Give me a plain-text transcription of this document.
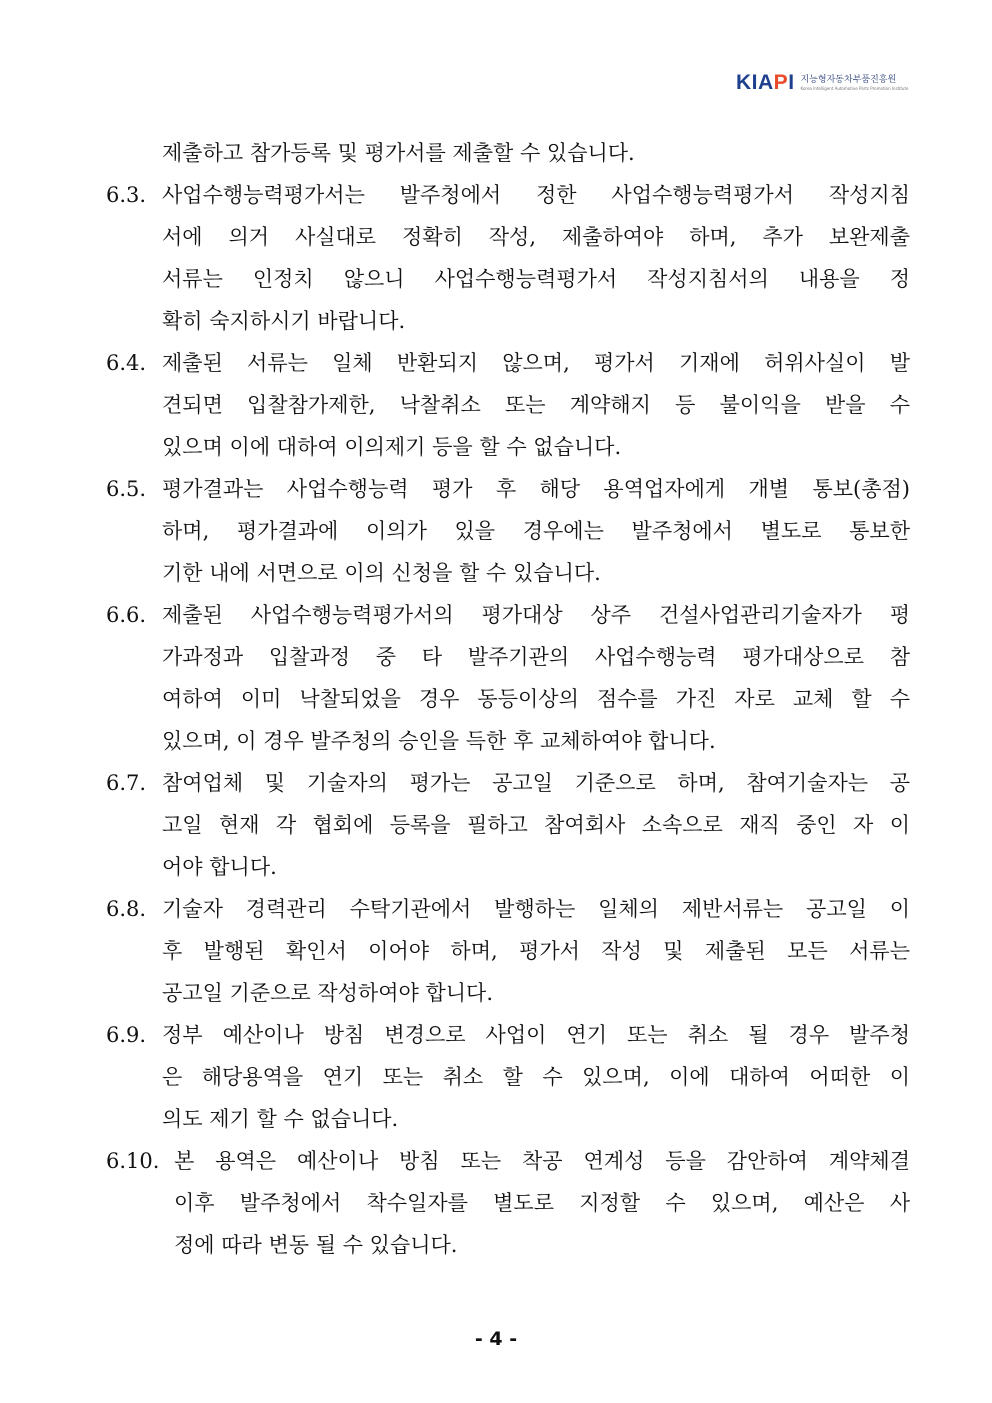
KIAPI 지능형자동차부품진흥원
Korea Intelligent Automotive Parts Promotion Institute
제출하고 참가등록 및 평가서를 제출할 수 있습니다.
6.3. 사업수행능력평가서는 발주청에서 정한 사업수행능력평가서 작성지침
서에 의거 사실대로 정확히 작성, 제출하여야 하며, 추가 보완제출
서류는 인정치 않으니 사업수행능력평가서 작성지침서의 내용을 정
확히 숙지하시기 바랍니다.
6.4. 제출된 서류는 일체 반환되지 않으며, 평가서 기재에 허위사실이 발
견되면 입찰참가제한, 낙찰취소 또는 계약해지 등 불이익을 받을 수
있으며 이에 대하여 이의제기 등을 할 수 없습니다.
6.5. 평가결과는 사업수행능력 평가 후 해당 용역업자에게 개별 통보(총점)
하며, 평가결과에 이의가 있을 경우에는 발주청에서 별도로 통보한
기한 내에 서면으로 이의 신청을 할 수 있습니다.
6.6. 제출된 사업수행능력평가서의 평가대상 상주 건설사업관리기술자가 평
가과정과 입찰과정 중 타 발주기관의 사업수행능력 평가대상으로 참
여하여 이미 낙찰되었을 경우 동등이상의 점수를 가진 자로 교체 할 수
있으며, 이 경우 발주청의 승인을 득한 후 교체하여야 합니다.
6.7. 참여업체 및 기술자의 평가는 공고일 기준으로 하며, 참여기술자는 공
고일 현재 각 협회에 등록을 필하고 참여회사 소속으로 재직 중인 자 이
어야 합니다.
6.8. 기술자 경력관리 수탁기관에서 발행하는 일체의 제반서류는 공고일 이
후 발행된 확인서 이어야 하며, 평가서 작성 및 제출된 모든 서류는
공고일 기준으로 작성하여야 합니다.
6.9. 정부 예산이나 방침 변경으로 사업이 연기 또는 취소 될 경우 발주청
은 해당용역을 연기 또는 취소 할 수 있으며, 이에 대하여 어떠한 이
의도 제기 할 수 없습니다.
6.10. 본 용역은 예산이나 방침 또는 착공 연계성 등을 감안하여 계약체결
이후 발주청에서 착수일자를 별도로 지정할 수 있으며, 예산은 사
정에 따라 변동 될 수 있습니다.
- 4 -
